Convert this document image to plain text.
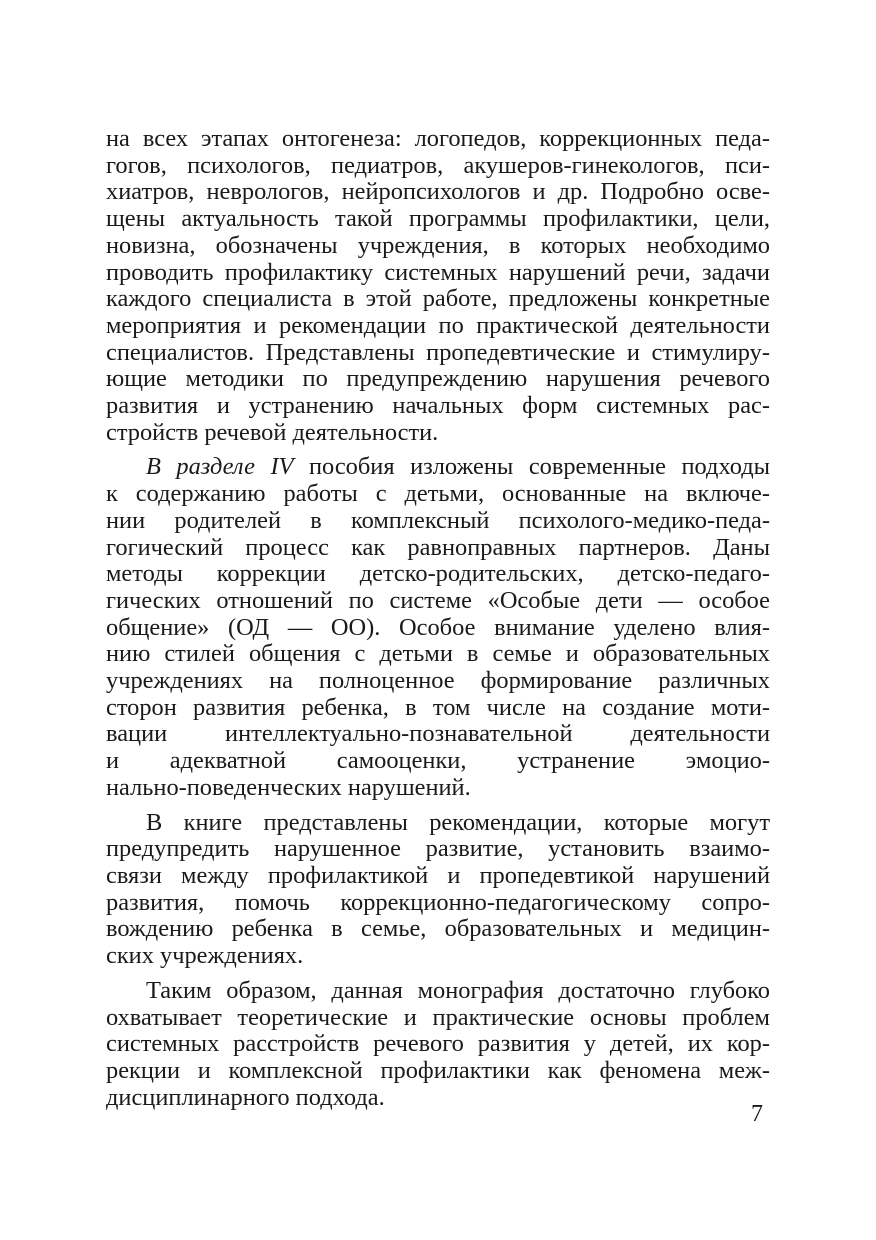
на всех этапах онтогенеза: логопедов, коррекционных педа-
гогов, психологов, педиатров, акушеров-гинекологов, пси-
хиатров, неврологов, нейропсихологов и др. Подробно осве-
щены актуальность такой программы профилактики, цели,
новизна, обозначены учреждения, в которых необходимо
проводить профилактику системных нарушений речи, задачи
каждого специалиста в этой работе, предложены конкретные
мероприятия и рекомендации по практической деятельности
специалистов. Представлены пропедевтические и стимулиру-
ющие методики по предупреждению нарушения речевого
развития и устранению начальных форм системных рас-
стройств речевой деятельности.

В разделе IV пособия изложены современные подходы
к содержанию работы с детьми, основанные на включе-
нии родителей в комплексный психолого-медико-педа-
гогический процесс как равноправных партнеров. Даны
методы коррекции детско-родительских, детско-педаго-
гических отношений по системе «Особые дети — особое
общение» (ОД — ОО). Особое внимание уделено влия-
нию стилей общения с детьми в семье и образовательных
учреждениях на полноценное формирование различных
сторон развития ребенка, в том числе на создание моти-
вации интеллектуально-познавательной деятельности
и адекватной самооценки, устранение эмоцио-
нально-поведенческих нарушений.

В книге представлены рекомендации, которые могут
предупредить нарушенное развитие, установить взаимо-
связи между профилактикой и пропедевтикой нарушений
развития, помочь коррекционно-педагогическому сопро-
вождению ребенка в семье, образовательных и медицин-
ских учреждениях.

Таким образом, данная монография достаточно глубоко
охватывает теоретические и практические основы проблем
системных расстройств речевого развития у детей, их кор-
рекции и комплексной профилактики как феномена меж-
дисциплинарного подхода.

7
